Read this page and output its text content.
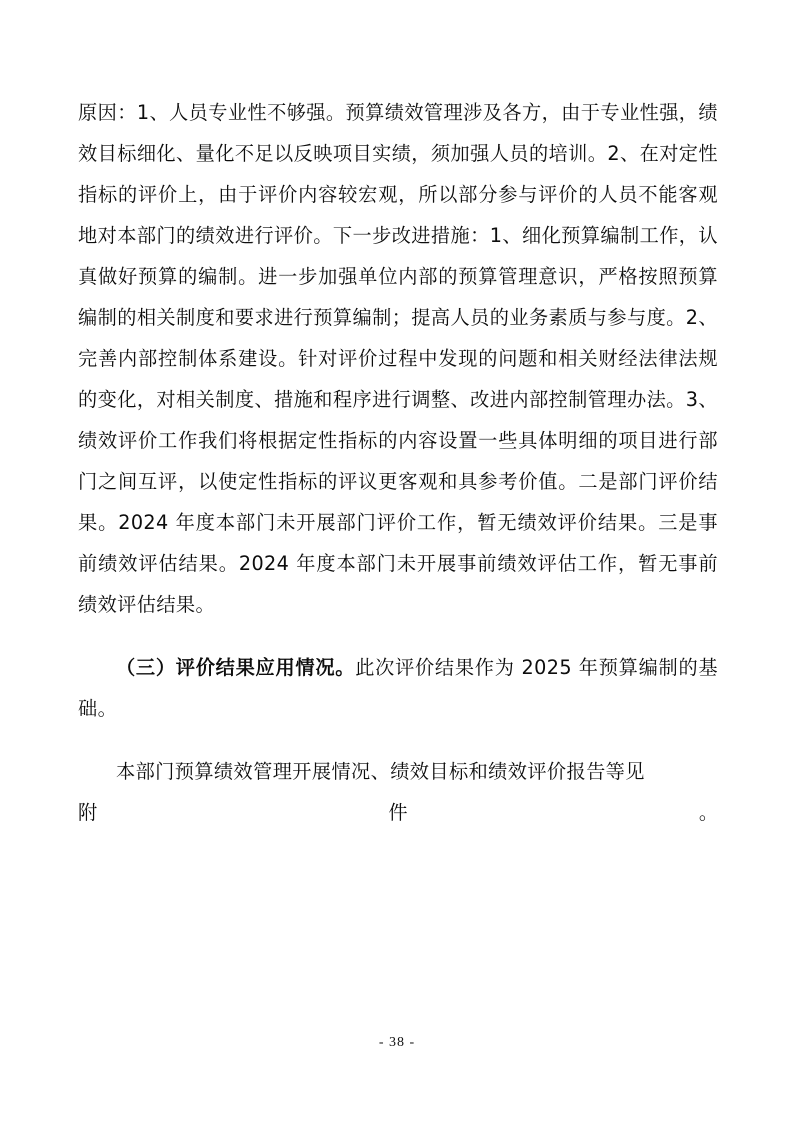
原因：1、人员专业性不够强。预算绩效管理涉及各方，由于专业性强，绩效目标细化、量化不足以反映项目实绩，须加强人员的培训。2、在对定性指标的评价上，由于评价内容较宏观，所以部分参与评价的人员不能客观地对本部门的绩效进行评价。下一步改进措施：1、细化预算编制工作，认真做好预算的编制。进一步加强单位内部的预算管理意识，严格按照预算编制的相关制度和要求进行预算编制；提高人员的业务素质与参与度。2、完善内部控制体系建设。针对评价过程中发现的问题和相关财经法律法规的变化，对相关制度、措施和程序进行调整、改进内部控制管理办法。3、绩效评价工作我们将根据定性指标的内容设置一些具体明细的项目进行部门之间互评，以使定性指标的评议更客观和具参考价值。二是部门评价结果。2024 年度本部门未开展部门评价工作，暂无绩效评价结果。三是事前绩效评估结果。2024 年度本部门未开展事前绩效评估工作，暂无事前绩效评估结果。

（三）评价结果应用情况。此次评价结果作为 2025 年预算编制的基础。

本部门预算绩效管理开展情况、绩效目标和绩效评价报告等见

附	件	。
- 38 -
